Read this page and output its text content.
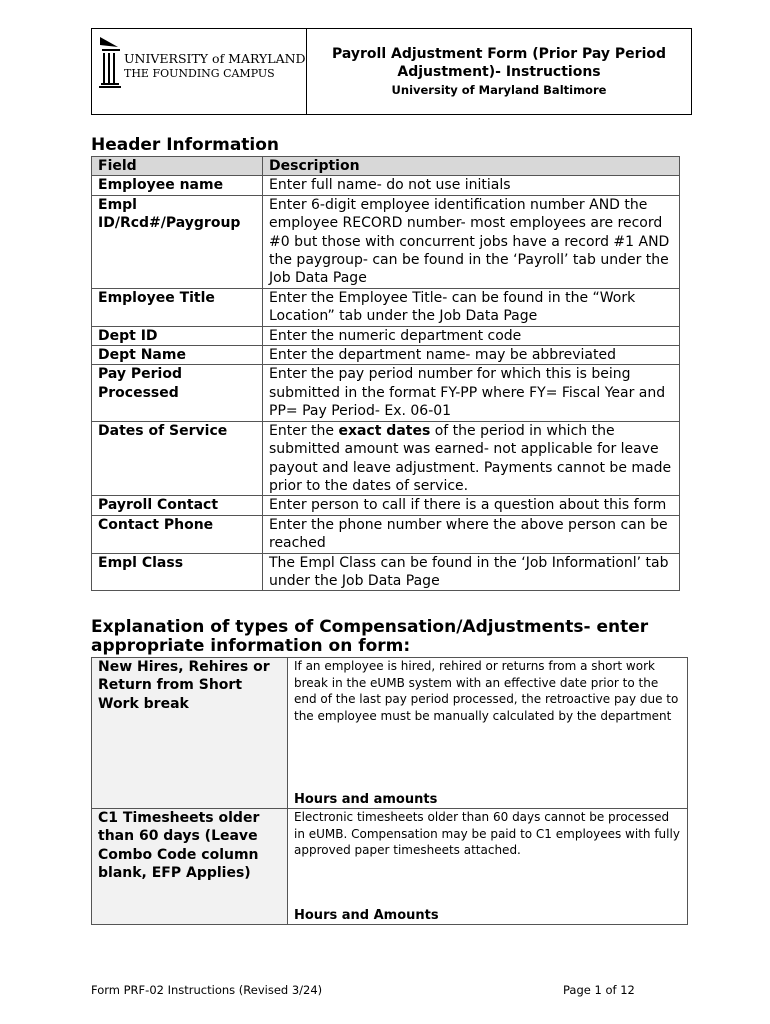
UNIVERSITY of MARYLAND
THE FOUNDING CAMPUS
Payroll Adjustment Form (Prior Pay Period Adjustment)- Instructions
University of Maryland Baltimore
Header Information
Field	Description
Employee name	Enter full name- do not use initials
Empl ID/Rcd#/Paygroup	Enter 6-digit employee identification number AND the employee RECORD number- most employees are record #0 but those with concurrent jobs have a record #1 AND the paygroup- can be found in the ‘Payroll’ tab under the Job Data Page
Employee Title	Enter the Employee Title- can be found in the “Work Location” tab under the Job Data Page
Dept ID	Enter the numeric department code
Dept Name	Enter the department name- may be abbreviated
Pay Period Processed	Enter the pay period number for which this is being submitted in the format FY-PP where FY= Fiscal Year and PP= Pay Period- Ex. 06-01
Dates of Service	Enter the exact dates of the period in which the submitted amount was earned- not applicable for leave payout and leave adjustment. Payments cannot be made prior to the dates of service.
Payroll Contact	Enter person to call if there is a question about this form
Contact Phone	Enter the phone number where the above person can be reached
Empl Class	The Empl Class can be found in the ‘Job Informationl’ tab under the Job Data Page
Explanation of types of Compensation/Adjustments- enter appropriate information on form:
New Hires, Rehires or Return from Short Work break	If an employee is hired, rehired or returns from a short work break in the eUMB system with an effective date prior to the end of the last pay period processed, the retroactive pay due to the employee must be manually calculated by the department
Hours and amounts

C1 Timesheets older than 60 days (Leave Combo Code column blank, EFP Applies)	Electronic timesheets older than 60 days cannot be processed in eUMB. Compensation may be paid to C1 employees with fully approved paper timesheets attached.
Hours and Amounts
Form PRF-02 Instructions (Revised 3/24)	Page 1 of 12
